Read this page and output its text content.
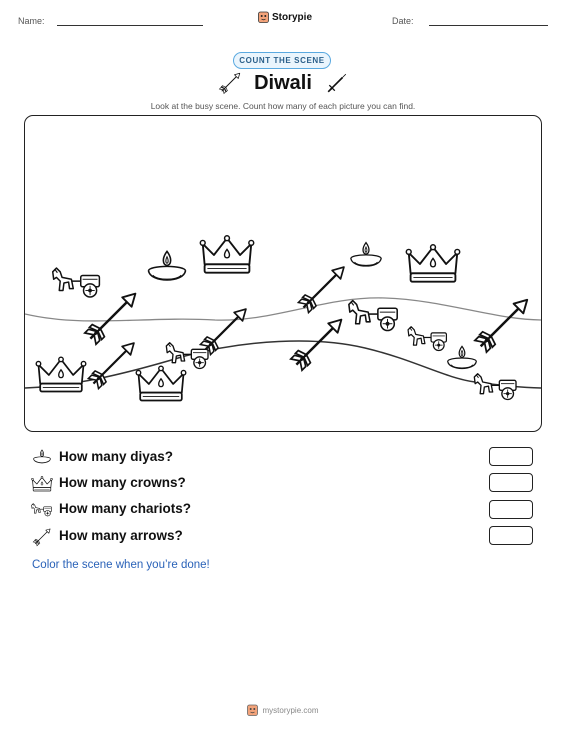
Name:	Storypie	Date:
COUNT THE SCENE
Diwali
Look at the busy scene. Count how many of each picture you can find.
How many diyas?
How many crowns?
How many chariots?
How many arrows?
Color the scene when you’re done!
mystorypie.com
